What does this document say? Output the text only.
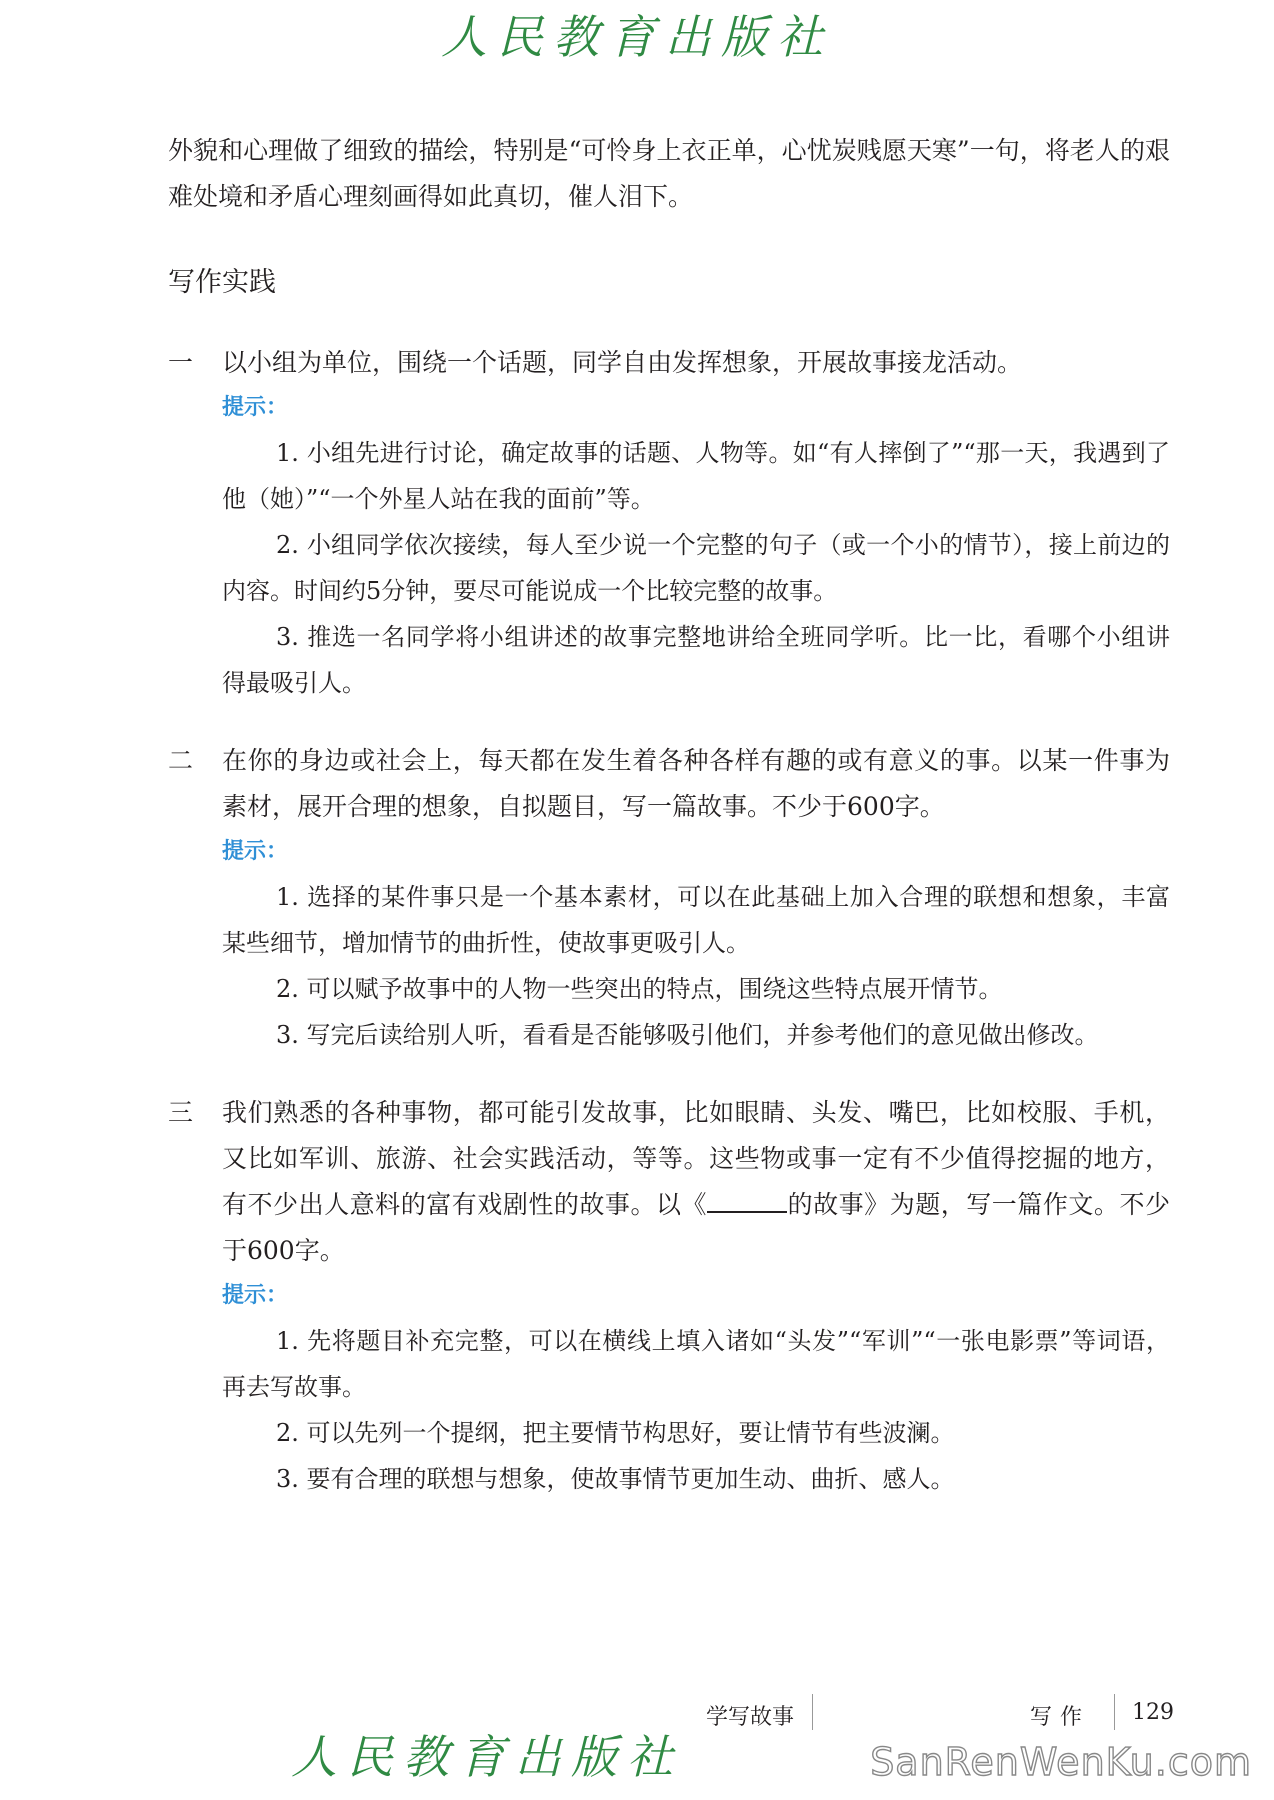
人民教育出版社

外貌和心理做了细致的描绘，特别是“可怜身上衣正单，心忧炭贱愿天寒”一句，将老人的艰难处境和矛盾心理刻画得如此真切，催人泪下。

写作实践

一	以小组为单位，围绕一个话题，同学自由发挥想象，开展故事接龙活动。

提示：

1. 小组先进行讨论，确定故事的话题、人物等。如“有人摔倒了”“那一天，我遇到了他（她）”“一个外星人站在我的面前”等。

2. 小组同学依次接续，每人至少说一个完整的句子（或一个小的情节），接上前边的内容。时间约5分钟，要尽可能说成一个比较完整的故事。

3. 推选一名同学将小组讲述的故事完整地讲给全班同学听。比一比，看哪个小组讲得最吸引人。

二	在你的身边或社会上，每天都在发生着各种各样有趣的或有意义的事。以某一件事为素材，展开合理的想象，自拟题目，写一篇故事。不少于600字。

提示：

1. 选择的某件事只是一个基本素材，可以在此基础上加入合理的联想和想象，丰富某些细节，增加情节的曲折性，使故事更吸引人。

2. 可以赋予故事中的人物一些突出的特点，围绕这些特点展开情节。

3. 写完后读给别人听，看看是否能够吸引他们，并参考他们的意见做出修改。

三	我们熟悉的各种事物，都可能引发故事，比如眼睛、头发、嘴巴，比如校服、手机，又比如军训、旅游、社会实践活动，等等。这些物或事一定有不少值得挖掘的地方，有不少出人意料的富有戏剧性的故事。以《	的故事》为题，写一篇作文。不少于600字。

提示：

1. 先将题目补充完整，可以在横线上填入诸如“头发”“军训”“一张电影票”等词语，再去写故事。

2. 可以先列一个提纲，把主要情节构思好，要让情节有些波澜。

3. 要有合理的联想与想象，使故事情节更加生动、曲折、感人。

学写故事	写作 129
人民教育出版社	SanRenWenKu.com
